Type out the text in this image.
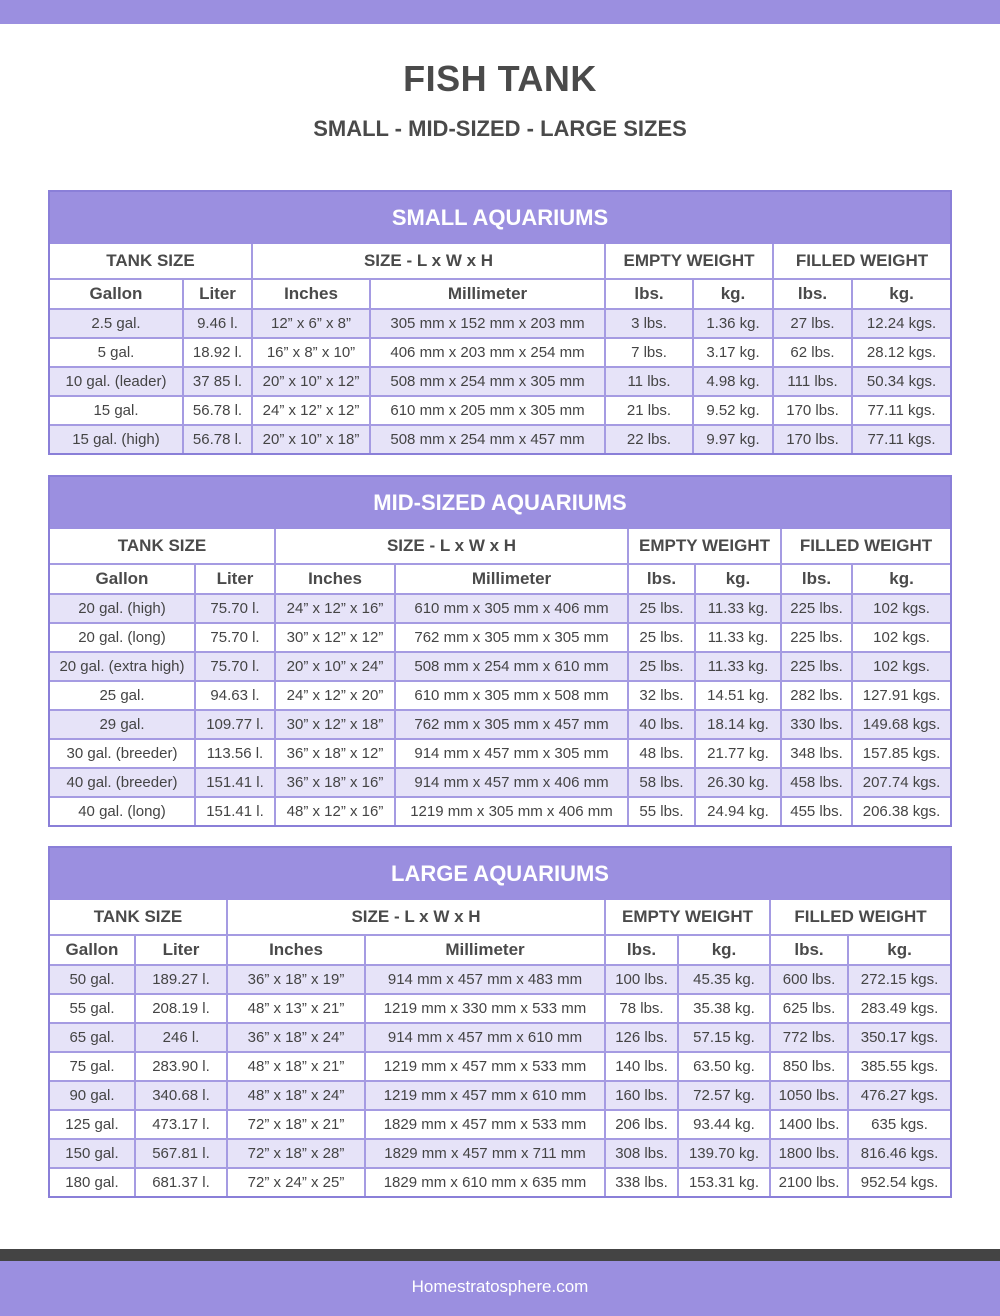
FISH TANK
SMALL - MID-SIZED - LARGE SIZES
SMALL AQUARIUMS
TANK SIZE		SIZE - L x W x H		EMPTY WEIGHT		FILLED WEIGHT	
Gallon	Liter	Inches	Millimeter	lbs.	kg.	lbs.	kg.
2.5 gal.	9.46 l.	12” x 6” x 8”	305 mm x 152 mm x 203 mm	3 lbs.	1.36 kg.	27 lbs.	12.24 kgs.
5 gal.	18.92 l.	16” x 8” x 10”	406 mm x 203 mm x 254 mm	7 lbs.	3.17 kg.	62 lbs.	28.12 kgs.
10 gal. (leader)	37 85 l.	20” x 10” x 12”	508 mm x 254 mm x 305 mm	11 lbs.	4.98 kg.	111 lbs.	50.34 kgs.
15 gal.	56.78 l.	24” x 12” x 12”	610 mm x 205 mm x 305 mm	21 lbs.	9.52 kg.	170 lbs.	77.11 kgs.
15 gal. (high)	56.78 l.	20” x 10” x 18”	508 mm x 254 mm x 457 mm	22 lbs.	9.97 kg.	170 lbs.	77.11 kgs.
MID-SIZED AQUARIUMS
TANK SIZE		SIZE - L x W x H		EMPTY WEIGHT		FILLED WEIGHT	
Gallon	Liter	Inches	Millimeter	lbs.	kg.	lbs.	kg.
20 gal. (high)	75.70 l.	24” x 12” x 16”	610 mm x 305 mm x 406 mm	25 lbs.	11.33 kg.	225 lbs.	102 kgs.
20 gal. (long)	75.70 l.	30” x 12” x 12”	762 mm x 305 mm x 305 mm	25 lbs.	11.33 kg.	225 lbs.	102 kgs.
20 gal. (extra high)	75.70 l.	20” x 10” x 24”	508 mm x 254 mm x 610 mm	25 lbs.	11.33 kg.	225 lbs.	102 kgs.
25 gal.	94.63 l.	24” x 12” x 20”	610 mm x 305 mm x 508 mm	32 lbs.	14.51 kg.	282 lbs.	127.91 kgs.
29 gal.	109.77 l.	30” x 12” x 18”	762 mm x 305 mm x 457 mm	40 lbs.	18.14 kg.	330 lbs.	149.68 kgs.
30 gal. (breeder)	113.56 l.	36” x 18” x 12”	914 mm x 457 mm x 305 mm	48 lbs.	21.77 kg.	348 lbs.	157.85 kgs.
40 gal. (breeder)	151.41 l.	36” x 18” x 16”	914 mm x 457 mm x 406 mm	58 lbs.	26.30 kg.	458 lbs.	207.74 kgs.
40 gal. (long)	151.41 l.	48” x 12” x 16”	1219 mm x 305 mm x 406 mm	55 lbs.	24.94 kg.	455 lbs.	206.38 kgs.
LARGE AQUARIUMS
TANK SIZE		SIZE - L x W x H		EMPTY WEIGHT		FILLED WEIGHT	
Gallon	Liter	Inches	Millimeter	lbs.	kg.	lbs.	kg.
50 gal.	189.27 l.	36” x 18” x 19”	914 mm x 457 mm x 483 mm	100 lbs.	45.35 kg.	600 lbs.	272.15 kgs.
55 gal.	208.19 l.	48” x 13” x 21”	1219 mm x 330 mm x 533 mm	78 lbs.	35.38 kg.	625 lbs.	283.49 kgs.
65 gal.	246 l.	36” x 18” x 24”	914 mm x 457 mm x 610 mm	126 lbs.	57.15 kg.	772 lbs.	350.17 kgs.
75 gal.	283.90 l.	48” x 18” x 21”	1219 mm x 457 mm x 533 mm	140 lbs.	63.50 kg.	850 lbs.	385.55 kgs.
90 gal.	340.68 l.	48” x 18” x 24”	1219 mm x 457 mm x 610 mm	160 lbs.	72.57 kg.	1050 lbs.	476.27 kgs.
125 gal.	473.17 l.	72” x 18” x 21”	1829 mm x 457 mm x 533 mm	206 lbs.	93.44 kg.	1400 lbs.	635 kgs.
150 gal.	567.81 l.	72” x 18” x 28”	1829 mm x 457 mm x 711 mm	308 lbs.	139.70 kg.	1800 lbs.	816.46 kgs.
180 gal.	681.37 l.	72” x 24” x 25”	1829 mm x 610 mm x 635 mm	338 lbs.	153.31 kg.	2100 lbs.	952.54 kgs.
Homestratosphere.com
